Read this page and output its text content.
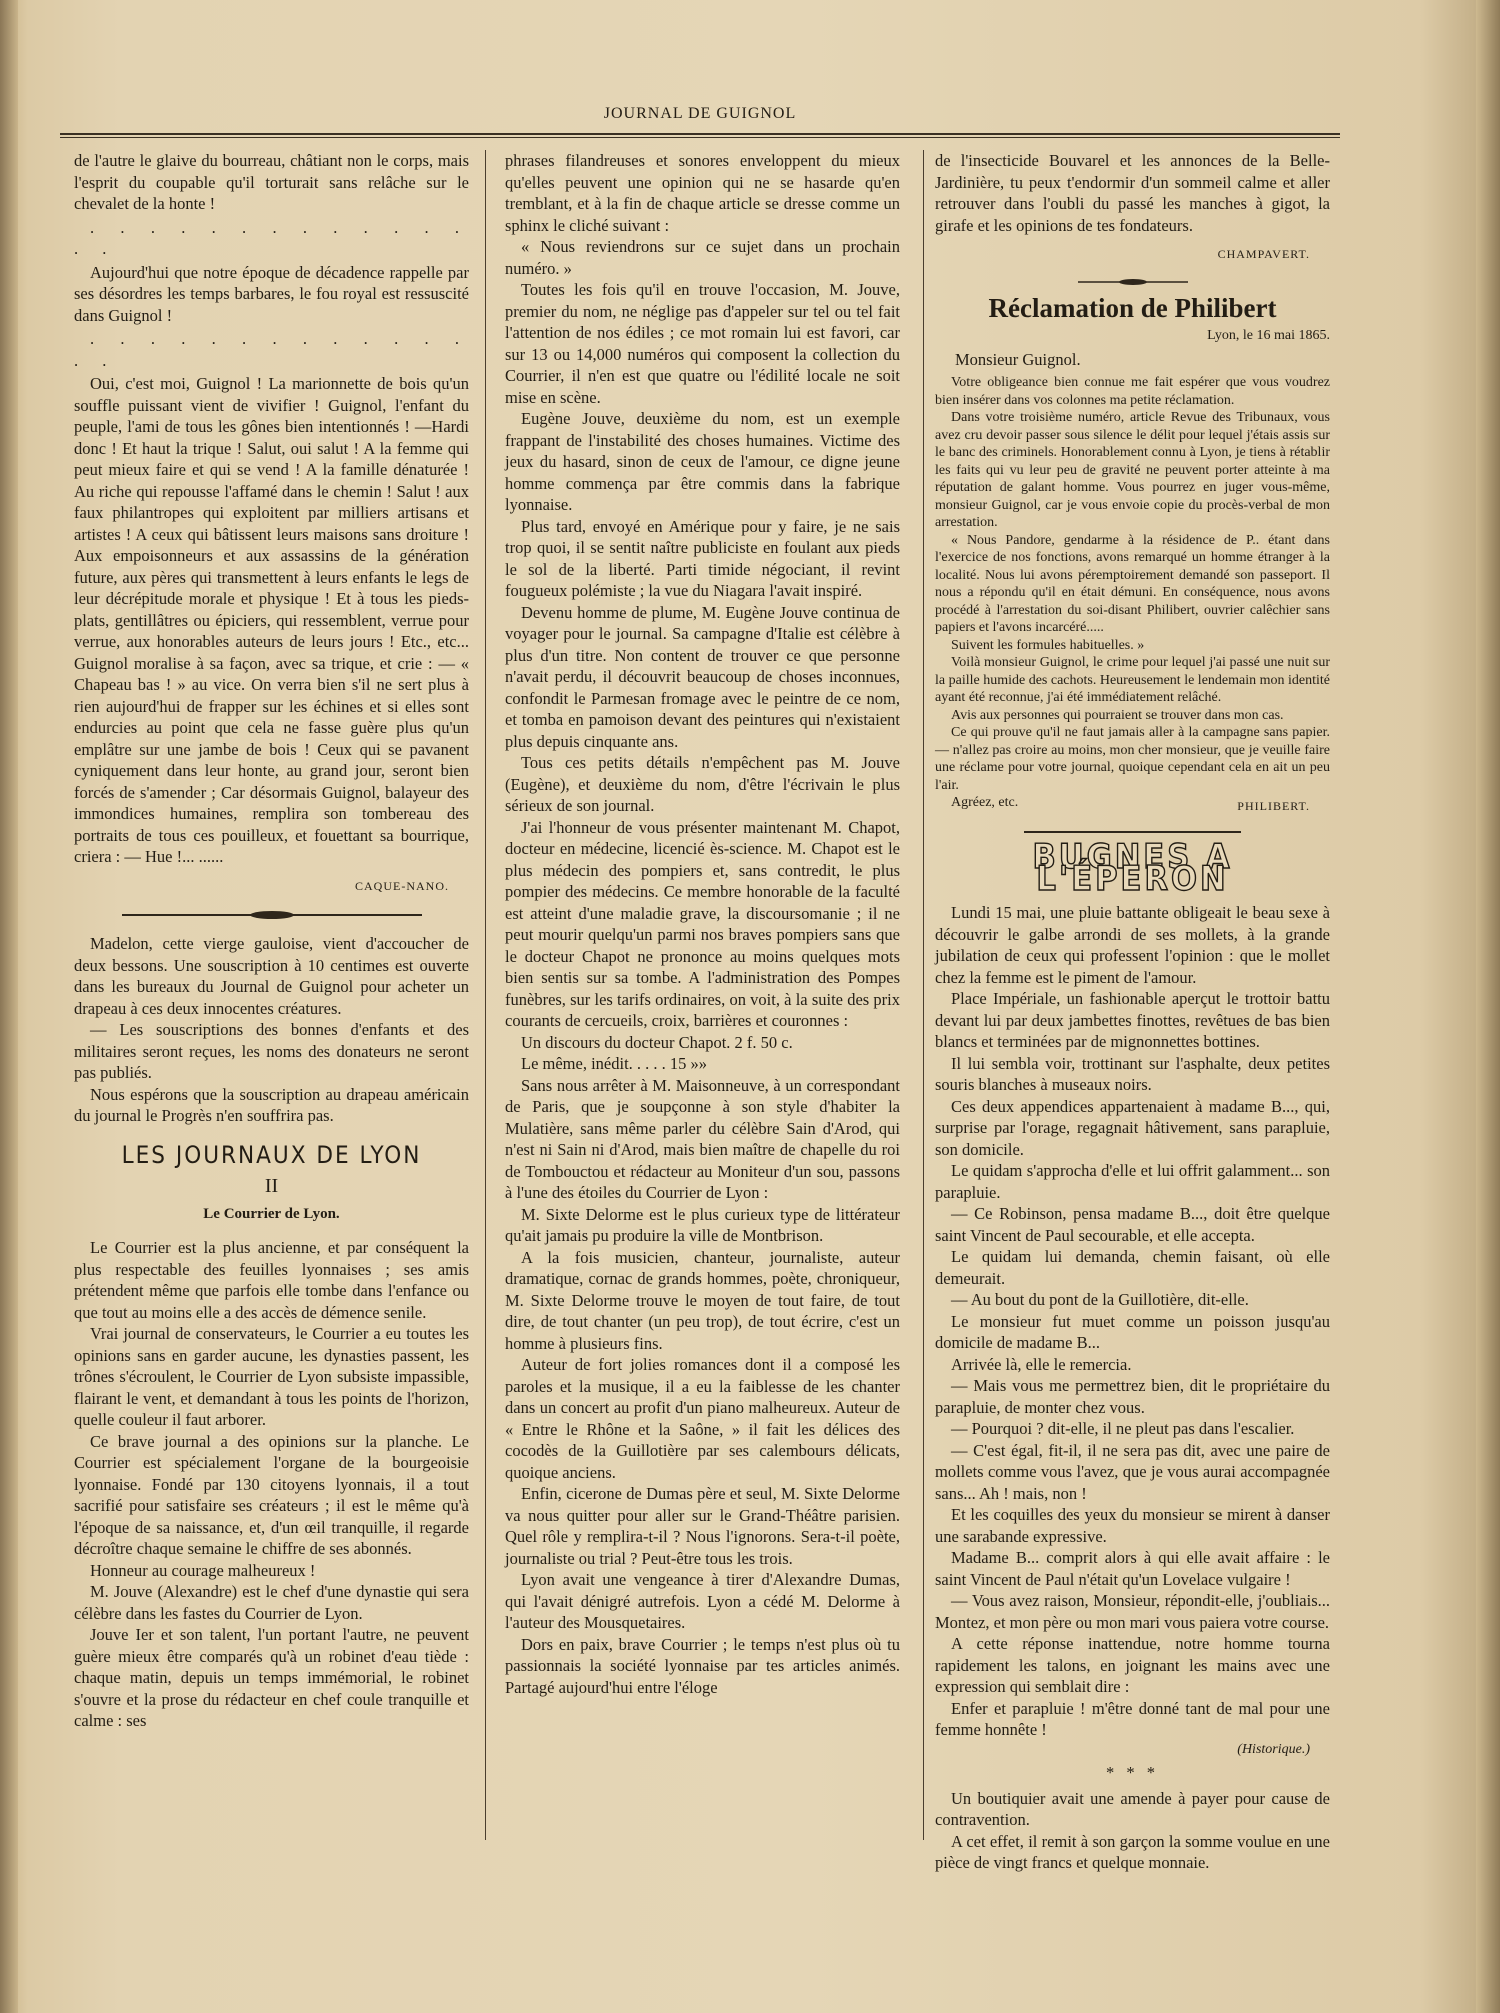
JOURNAL DE GUIGNOL

de l'autre le glaive du bourreau, châtiant non le corps, mais l'esprit du coupable qu'il torturait sans relâche sur le chevalet de la honte !

. . . . . . . . . . . . . . .

Aujourd'hui que notre époque de décadence rappelle par ses désordres les temps barbares, le fou royal est ressuscité dans Guignol !

. . . . . . . . . . . . . . .

Oui, c'est moi, Guignol ! La marionnette de bois qu'un souffle puissant vient de vivifier ! Guignol, l'enfant du peuple, l'ami de tous les gônes bien intentionnés ! —Hardi donc ! Et haut la trique ! Salut, oui salut ! A la femme qui peut mieux faire et qui se vend ! A la famille dénaturée ! Au riche qui repousse l'affamé dans le chemin ! Salut ! aux faux philantropes qui exploitent par milliers artisans et artistes ! A ceux qui bâtissent leurs maisons sans droiture ! Aux empoisonneurs et aux assassins de la génération future, aux pères qui transmettent à leurs enfants le legs de leur décrépitude morale et physique ! Et à tous les pieds-plats, gentillâtres ou épiciers, qui ressemblent, verrue pour verrue, aux honorables auteurs de leurs jours ! Etc., etc... Guignol moralise à sa façon, avec sa trique, et crie : — « Chapeau bas ! » au vice. On verra bien s'il ne sert plus à rien aujourd'hui de frapper sur les échines et si elles sont endurcies au point que cela ne fasse guère plus qu'un emplâtre sur une jambe de bois ! Ceux qui se pavanent cyniquement dans leur honte, au grand jour, seront bien forcés de s'amender ; Car désormais Guignol, balayeur des immondices humaines, remplira son tombereau des portraits de tous ces pouilleux, et fouettant sa bourrique, criera : — Hue !... ......

CAQUE-NANO.

Madelon, cette vierge gauloise, vient d'accoucher de deux bessons. Une souscription à 10 centimes est ouverte dans les bureaux du Journal de Guignol pour acheter un drapeau à ces deux innocentes créatures.

— Les souscriptions des bonnes d'enfants et des militaires seront reçues, les noms des donateurs ne seront pas publiés.

Nous espérons que la souscription au drapeau américain du journal le Progrès n'en souffrira pas.

LES JOURNAUX DE LYON

II

Le Courrier de Lyon.

Le Courrier est la plus ancienne, et par conséquent la plus respectable des feuilles lyonnaises ; ses amis prétendent même que parfois elle tombe dans l'enfance ou que tout au moins elle a des accès de démence senile.

Vrai journal de conservateurs, le Courrier a eu toutes les opinions sans en garder aucune, les dynasties passent, les trônes s'écroulent, le Courrier de Lyon subsiste impassible, flairant le vent, et demandant à tous les points de l'horizon, quelle couleur il faut arborer.

Ce brave journal a des opinions sur la planche. Le Courrier est spécialement l'organe de la bourgeoisie lyonnaise. Fondé par 130 citoyens lyonnais, il a tout sacrifié pour satisfaire ses créateurs ; il est le même qu'à l'époque de sa naissance, et, d'un œil tranquille, il regarde décroître chaque semaine le chiffre de ses abonnés.

Honneur au courage malheureux !

M. Jouve (Alexandre) est le chef d'une dynastie qui sera célèbre dans les fastes du Courrier de Lyon.

Jouve Ier et son talent, l'un portant l'autre, ne peuvent guère mieux être comparés qu'à un robinet d'eau tiède : chaque matin, depuis un temps immémorial, le robinet s'ouvre et la prose du rédacteur en chef coule tranquille et calme : ses

phrases filandreuses et sonores enveloppent du mieux qu'elles peuvent une opinion qui ne se hasarde qu'en tremblant, et à la fin de chaque article se dresse comme un sphinx le cliché suivant :

« Nous reviendrons sur ce sujet dans un prochain numéro. »

Toutes les fois qu'il en trouve l'occasion, M. Jouve, premier du nom, ne néglige pas d'appeler sur tel ou tel fait l'attention de nos édiles ; ce mot romain lui est favori, car sur 13 ou 14,000 numéros qui composent la collection du Courrier, il n'en est que quatre ou l'édilité locale ne soit mise en scène.

Eugène Jouve, deuxième du nom, est un exemple frappant de l'instabilité des choses humaines. Victime des jeux du hasard, sinon de ceux de l'amour, ce digne jeune homme commença par être commis dans la fabrique lyonnaise.

Plus tard, envoyé en Amérique pour y faire, je ne sais trop quoi, il se sentit naître publiciste en foulant aux pieds le sol de la liberté. Parti timide négociant, il revint fougueux polémiste ; la vue du Niagara l'avait inspiré.

Devenu homme de plume, M. Eugène Jouve continua de voyager pour le journal. Sa campagne d'Italie est célèbre à plus d'un titre. Non content de trouver ce que personne n'avait perdu, il découvrit beaucoup de choses inconnues, confondit le Parmesan fromage avec le peintre de ce nom, et tomba en pamoison devant des peintures qui n'existaient plus depuis cinquante ans.

Tous ces petits détails n'empêchent pas M. Jouve (Eugène), et deuxième du nom, d'être l'écrivain le plus sérieux de son journal.

J'ai l'honneur de vous présenter maintenant M. Chapot, docteur en médecine, licencié ès-science. M. Chapot est le plus médecin des pompiers et, sans contredit, le plus pompier des médecins. Ce membre honorable de la faculté est atteint d'une maladie grave, la discoursomanie ; il ne peut mourir quelqu'un parmi nos braves pompiers sans que le docteur Chapot ne prononce au moins quelques mots bien sentis sur sa tombe. A l'administration des Pompes funèbres, sur les tarifs ordinaires, on voit, à la suite des prix courants de cercueils, croix, barrières et couronnes :

Un discours du docteur Chapot. 2 f. 50 c.

Le même, inédit. . . . . 15 »»

Sans nous arrêter à M. Maisonneuve, à un correspondant de Paris, que je soupçonne à son style d'habiter la Mulatière, sans même parler du célèbre Sain d'Arod, qui n'est ni Sain ni d'Arod, mais bien maître de chapelle du roi de Tombouctou et rédacteur au Moniteur d'un sou, passons à l'une des étoiles du Courrier de Lyon :

M. Sixte Delorme est le plus curieux type de littérateur qu'ait jamais pu produire la ville de Montbrison.

A la fois musicien, chanteur, journaliste, auteur dramatique, cornac de grands hommes, poète, chroniqueur, M. Sixte Delorme trouve le moyen de tout faire, de tout dire, de tout chanter (un peu trop), de tout écrire, c'est un homme à plusieurs fins.

Auteur de fort jolies romances dont il a composé les paroles et la musique, il a eu la faiblesse de les chanter dans un concert au profit d'un piano malheureux. Auteur de « Entre le Rhône et la Saône, » il fait les délices des cocodès de la Guillotière par ses calembours délicats, quoique anciens.

Enfin, cicerone de Dumas père et seul, M. Sixte Delorme va nous quitter pour aller sur le Grand-Théâtre parisien. Quel rôle y remplira-t-il ? Nous l'ignorons. Sera-t-il poète, journaliste ou trial ? Peut-être tous les trois.

Lyon avait une vengeance à tirer d'Alexandre Dumas, qui l'avait dénigré autrefois. Lyon a cédé M. Delorme à l'auteur des Mousquetaires.

Dors en paix, brave Courrier ; le temps n'est plus où tu passionnais la société lyonnaise par tes articles animés. Partagé aujourd'hui entre l'éloge

de l'insecticide Bouvarel et les annonces de la Belle-Jardinière, tu peux t'endormir d'un sommeil calme et aller retrouver dans l'oubli du passé les manches à gigot, la girafe et les opinions de tes fondateurs.

CHAMPAVERT.

Réclamation de Philibert

Lyon, le 16 mai 1865.

Monsieur Guignol.

Votre obligeance bien connue me fait espérer que vous voudrez bien insérer dans vos colonnes ma petite réclamation.

Dans votre troisième numéro, article Revue des Tribunaux, vous avez cru devoir passer sous silence le délit pour lequel j'étais assis sur le banc des criminels. Honorablement connu à Lyon, je tiens à rétablir les faits qui vu leur peu de gravité ne peuvent porter atteinte à ma réputation de galant homme. Vous pourrez en juger vous-même, monsieur Guignol, car je vous envoie copie du procès-verbal de mon arrestation.

« Nous Pandore, gendarme à la résidence de P.. étant dans l'exercice de nos fonctions, avons remarqué un homme étranger à la localité. Nous lui avons péremptoirement demandé son passeport. Il nous a répondu qu'il en était démuni. En conséquence, nous avons procédé à l'arrestation du soi-disant Philibert, ouvrier calêchier sans papiers et l'avons incarcéré.....

Suivent les formules habituelles. »

Voilà monsieur Guignol, le crime pour lequel j'ai passé une nuit sur la paille humide des cachots. Heureusement le lendemain mon identité ayant été reconnue, j'ai été immédiatement relâché.

Avis aux personnes qui pourraient se trouver dans mon cas.

Ce qui prouve qu'il ne faut jamais aller à la campagne sans papier. — n'allez pas croire au moins, mon cher monsieur, que je veuille faire une réclame pour votre journal, quoique cependant cela en ait un peu l'air.

Agréez, etc.	PHILIBERT.

BUGNES A L'ÉPERON

Lundi 15 mai, une pluie battante obligeait le beau sexe à découvrir le galbe arrondi de ses mollets, à la grande jubilation de ceux qui professent l'opinion : que le mollet chez la femme est le piment de l'amour.

Place Impériale, un fashionable aperçut le trottoir battu devant lui par deux jambettes finottes, revêtues de bas bien blancs et terminées par de mignonnettes bottines.

Il lui sembla voir, trottinant sur l'asphalte, deux petites souris blanches à museaux noirs.

Ces deux appendices appartenaient à madame B..., qui, surprise par l'orage, regagnait hâtivement, sans parapluie, son domicile.

Le quidam s'approcha d'elle et lui offrit galamment... son parapluie.

— Ce Robinson, pensa madame B..., doit être quelque saint Vincent de Paul secourable, et elle accepta.

Le quidam lui demanda, chemin faisant, où elle demeurait.

— Au bout du pont de la Guillotière, dit-elle.

Le monsieur fut muet comme un poisson jusqu'au domicile de madame B...

Arrivée là, elle le remercia.

— Mais vous me permettrez bien, dit le propriétaire du parapluie, de monter chez vous.

— Pourquoi ? dit-elle, il ne pleut pas dans l'escalier.

— C'est égal, fit-il, il ne sera pas dit, avec une paire de mollets comme vous l'avez, que je vous aurai accompagnée sans... Ah ! mais, non !

Et les coquilles des yeux du monsieur se mirent à danser une sarabande expressive.

Madame B... comprit alors à qui elle avait affaire : le saint Vincent de Paul n'était qu'un Lovelace vulgaire !

— Vous avez raison, Monsieur, répondit-elle, j'oubliais... Montez, et mon père ou mon mari vous paiera votre course.

A cette réponse inattendue, notre homme tourna rapidement les talons, en joignant les mains avec une expression qui semblait dire :

Enfer et parapluie ! m'être donné tant de mal pour une femme honnête !

(Historique.)

* * *

Un boutiquier avait une amende à payer pour cause de contravention.

A cet effet, il remit à son garçon la somme voulue en une pièce de vingt francs et quelque monnaie.
